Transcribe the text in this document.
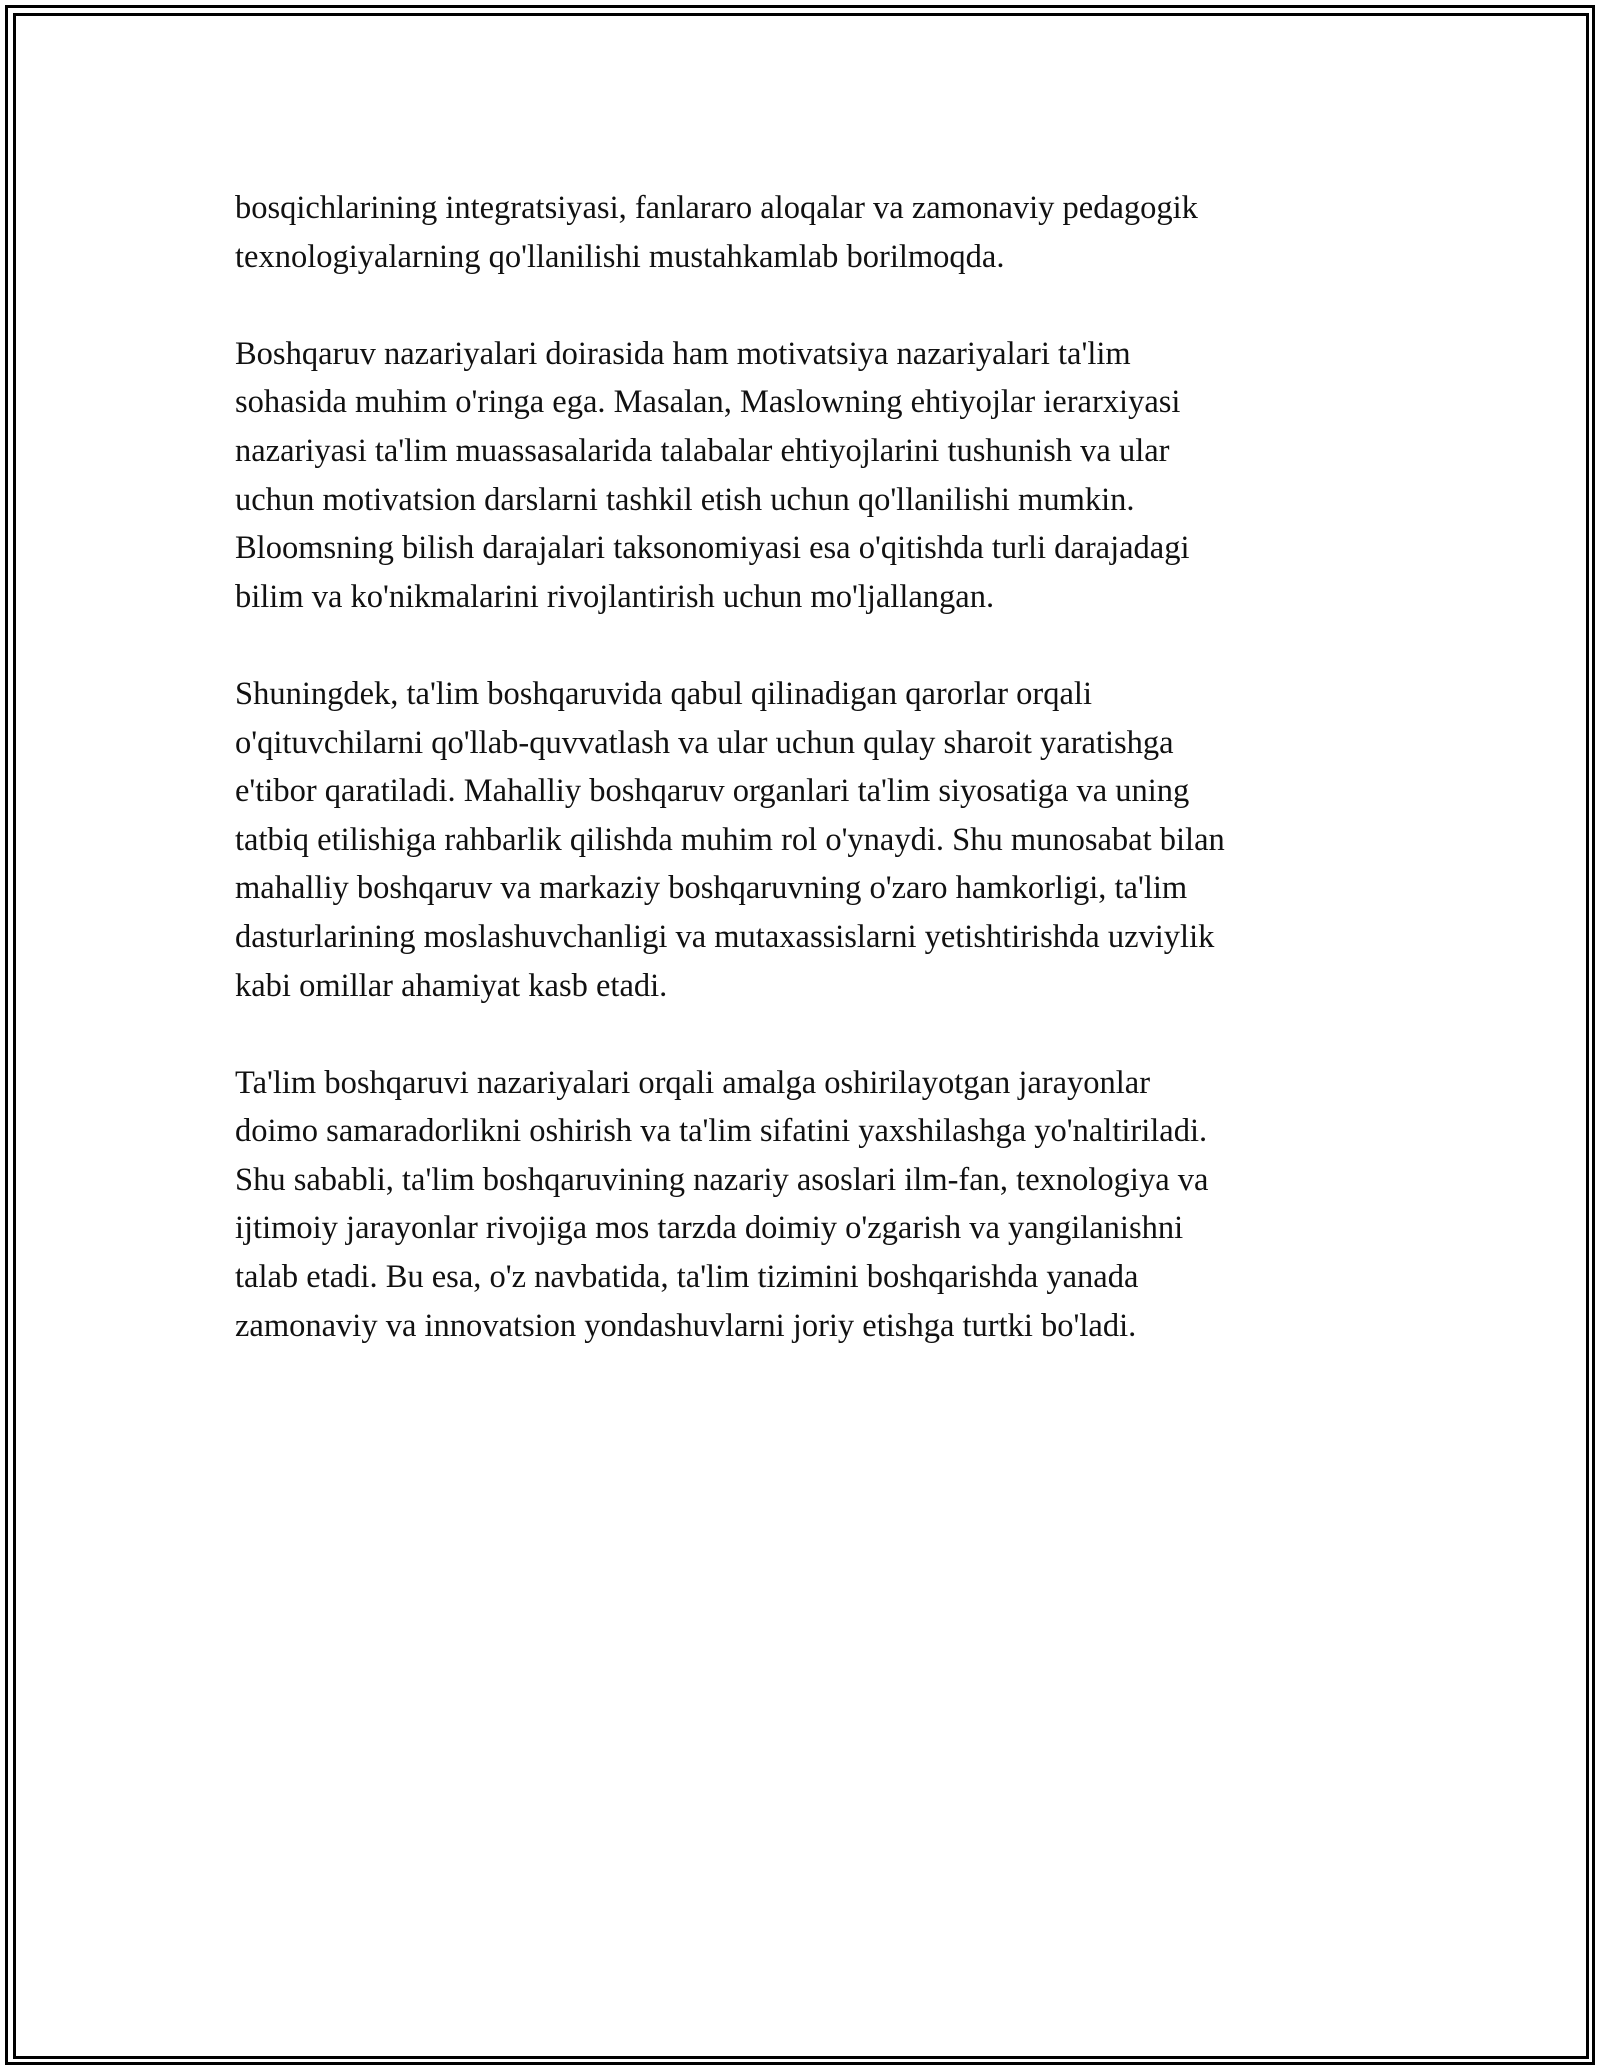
bosqichlarining integratsiyasi, fanlararo aloqalar va zamonaviy pedagogik
texnologiyalarning qo'llanilishi mustahkamlab borilmoqda.

Boshqaruv nazariyalari doirasida ham motivatsiya nazariyalari ta'lim
sohasida muhim o'ringa ega. Masalan, Maslowning ehtiyojlar ierarxiyasi
nazariyasi ta'lim muassasalarida talabalar ehtiyojlarini tushunish va ular
uchun motivatsion darslarni tashkil etish uchun qo'llanilishi mumkin.
Bloomsning bilish darajalari taksonomiyasi esa o'qitishda turli darajadagi
bilim va ko'nikmalarini rivojlantirish uchun mo'ljallangan.

Shuningdek, ta'lim boshqaruvida qabul qilinadigan qarorlar orqali
o'qituvchilarni qo'llab-quvvatlash va ular uchun qulay sharoit yaratishga
e'tibor qaratiladi. Mahalliy boshqaruv organlari ta'lim siyosatiga va uning
tatbiq etilishiga rahbarlik qilishda muhim rol o'ynaydi. Shu munosabat bilan
mahalliy boshqaruv va markaziy boshqaruvning o'zaro hamkorligi, ta'lim
dasturlarining moslashuvchanligi va mutaxassislarni yetishtirishda uzviylik
kabi omillar ahamiyat kasb etadi.

Ta'lim boshqaruvi nazariyalari orqali amalga oshirilayotgan jarayonlar
doimo samaradorlikni oshirish va ta'lim sifatini yaxshilashga yo'naltiriladi.
Shu sababli, ta'lim boshqaruvining nazariy asoslari ilm-fan, texnologiya va
ijtimoiy jarayonlar rivojiga mos tarzda doimiy o'zgarish va yangilanishni
talab etadi. Bu esa, o'z navbatida, ta'lim tizimini boshqarishda yanada
zamonaviy va innovatsion yondashuvlarni joriy etishga turtki bo'ladi.
